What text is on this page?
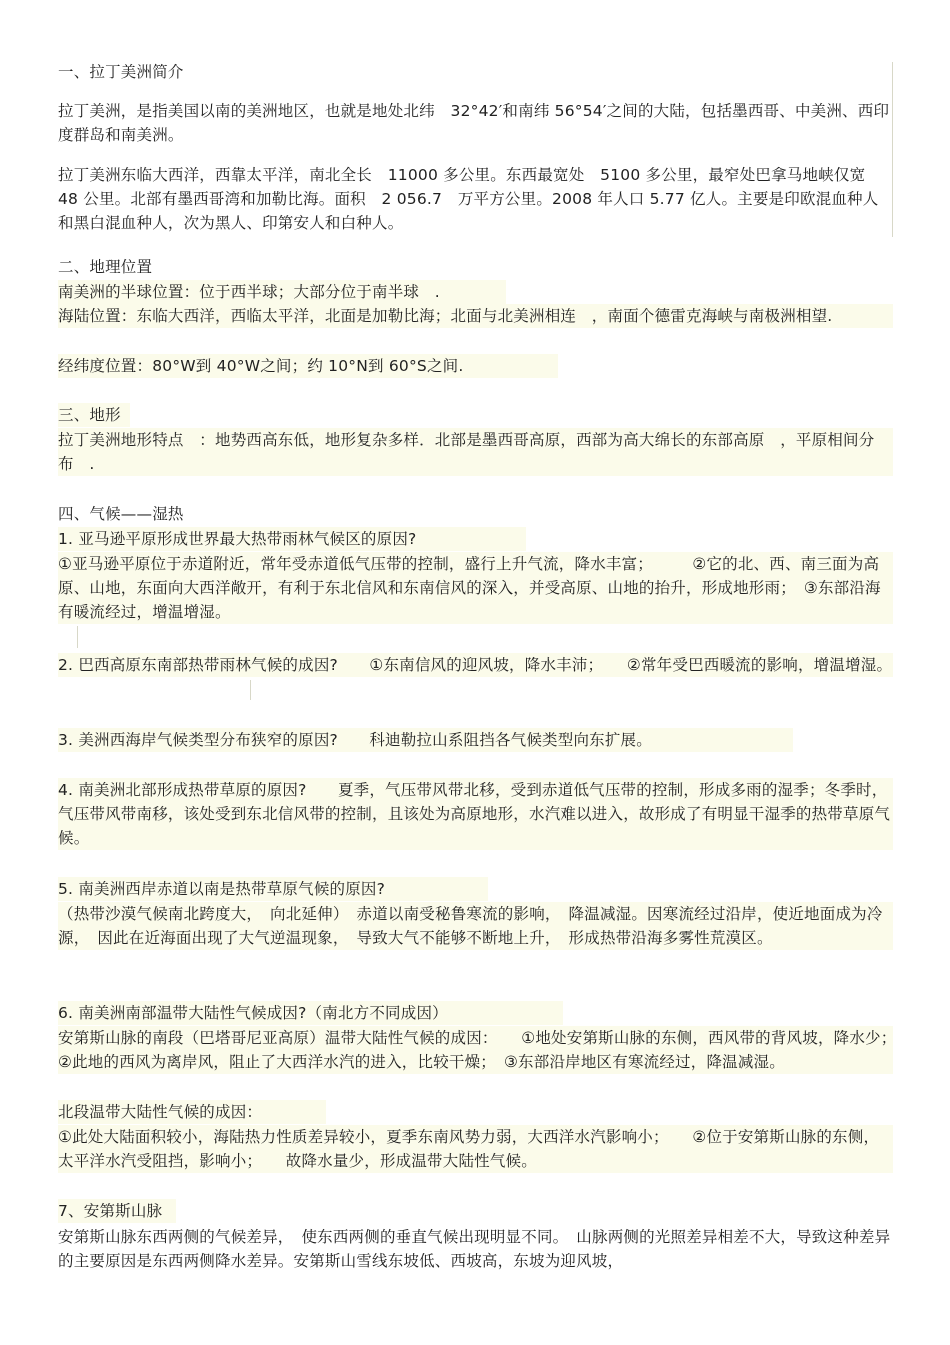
一、拉丁美洲简介

拉丁美洲，是指美国以南的美洲地区，也就是地处北纬　32°42′和南纬 56°54′之间的大陆，包括墨西哥、中美洲、西印度群岛和南美洲。

拉丁美洲东临大西洋，西靠太平洋，南北全长　11000 多公里。东西最宽处　5100 多公里，最窄处巴拿马地峡仅宽　48 公里。北部有墨西哥湾和加勒比海。面积　2 056.7　万平方公里。2008 年人口 5.77 亿人。主要是印欧混血种人和黑白混血种人，次为黑人、印第安人和白种人。

二、地理位置

南美洲的半球位置：位于西半球；大部分位于南半球　.

海陆位置：东临大西洋，西临太平洋，北面是加勒比海；北面与北美洲相连　，南面个德雷克海峡与南极洲相望.

经纬度位置：80°W到 40°W之间；约 10°N到 60°S之间.

三、地形

拉丁美洲地形特点　：地势西高东低，地形复杂多样．北部是墨西哥高原，西部为高大绵长的东部高原　，平原相间分布　.

四、气候——湿热

1. 亚马逊平原形成世界最大热带雨林气候区的原因?

①亚马逊平原位于赤道附近，常年受赤道低气压带的控制，盛行上升气流，降水丰富；　　　②它的北、西、南三面为高原、山地，东面向大西洋敞开，有利于东北信风和东南信风的深入，并受高原、山地的抬升，形成地形雨；　③东部沿海有暖流经过，增温增湿。

2. 巴西高原东南部热带雨林气候的成因?　　①东南信风的迎风坡，降水丰沛；　　②常年受巴西暖流的影响，增温增湿。

3. 美洲西海岸气候类型分布狭窄的原因?　　科迪勒拉山系阻挡各气候类型向东扩展。

4. 南美洲北部形成热带草原的原因?　　夏季，气压带风带北移，受到赤道低气压带的控制，形成多雨的湿季；冬季时，气压带风带南移，该处受到东北信风带的控制，且该处为高原地形，水汽难以进入，故形成了有明显干湿季的热带草原气候。

5. 南美洲西岸赤道以南是热带草原气候的原因?

（热带沙漠气候南北跨度大，　向北延伸）　赤道以南受秘鲁寒流的影响，　降温减湿。因寒流经过沿岸，使近地面成为冷源，　因此在近海面出现了大气逆温现象，　导致大气不能够不断地上升，　形成热带沿海多雾性荒漠区。

6. 南美洲南部温带大陆性气候成因?（南北方不同成因）

安第斯山脉的南段（巴塔哥尼亚高原）温带大陆性气候的成因：　　①地处安第斯山脉的东侧，西风带的背风坡，降水少；　②此地的西风为离岸风，阻止了大西洋水汽的进入，比较干燥；　③东部沿岸地区有寒流经过，降温减湿。

北段温带大陆性气候的成因：

①此处大陆面积较小，海陆热力性质差异较小，夏季东南风势力弱，大西洋水汽影响小；　　②位于安第斯山脉的东侧，太平洋水汽受阻挡，影响小；　　故降水量少，形成温带大陆性气候。

7、安第斯山脉

安第斯山脉东西两侧的气候差异，　使东西两侧的垂直气候出现明显不同。　山脉两侧的光照差异相差不大，导致这种差异的主要原因是东西两侧降水差异。安第斯山雪线东坡低、西坡高，东坡为迎风坡，
